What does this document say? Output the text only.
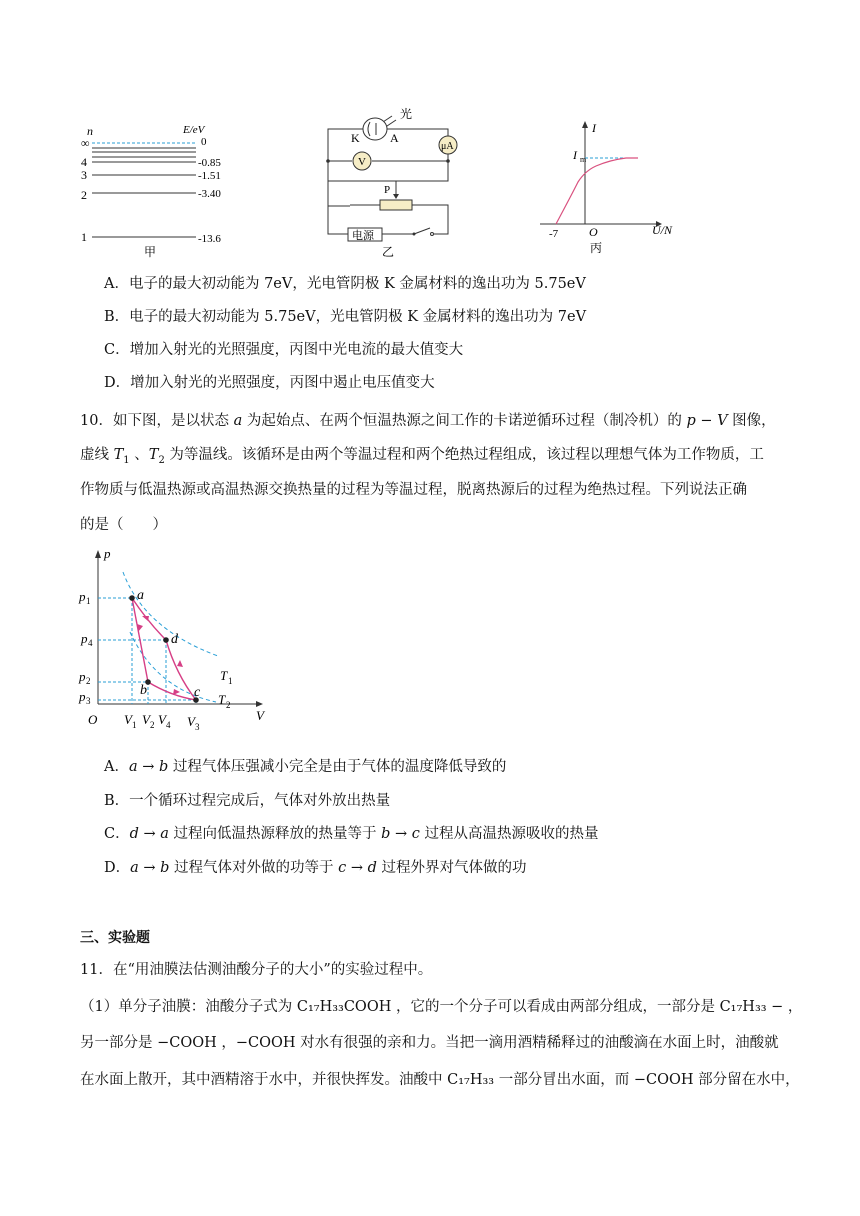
n	E/eV
∞	0
4	-0.85
3	-1.51
2	-3.40
1	-13.6
甲
光
K	A
μA
V
P
电源
乙
I
U/N
O
-7
I m
丙
A．电子的最大初动能为 7eV，光电管阴极 K 金属材料的逸出功为 5.75eV
B．电子的最大初动能为 5.75eV，光电管阴极 K 金属材料的逸出功为 7eV
C．增加入射光的光照强度，丙图中光电流的最大值变大
D．增加入射光的光照强度，丙图中遏止电压值变大
10．如下图，是以状态 a 为起始点、在两个恒温热源之间工作的卡诺逆循环过程（制冷机）的 p − V 图像，
虚线 $T_1$ 、$T_2$ 为等温线。该循环是由两个等温过程和两个绝热过程组成，该过程以理想气体为工作物质，工
作物质与低温热源或高温热源交换热量的过程为等温过程，脱离热源后的过程为绝热过程。下列说法正确
的是（　　）
p
V
O
T 1
T 2
a
d
b	c
p 1
p 4
p 2
p 3
V 1 V 2 V 4 V 3
A．a → b 过程气体压强减小完全是由于气体的温度降低导致的
B．一个循环过程完成后，气体对外放出热量
C．d → a 过程向低温热源释放的热量等于 b → c 过程从高温热源吸收的热量
D．a → b 过程气体对外做的功等于 c → d 过程外界对气体做的功
三、实验题
11．在“用油膜法估测油酸分子的大小”的实验过程中。
（1）单分子油膜：油酸分子式为 C₁₇H₃₃COOH ，它的一个分子可以看成由两部分组成，一部分是 C₁₇H₃₃ − ，
另一部分是 −COOH ，−COOH 对水有很强的亲和力。当把一滴用酒精稀释过的油酸滴在水面上时，油酸就
在水面上散开，其中酒精溶于水中，并很快挥发。油酸中 C₁₇H₃₃ 一部分冒出水面，而 −COOH 部分留在水中，
